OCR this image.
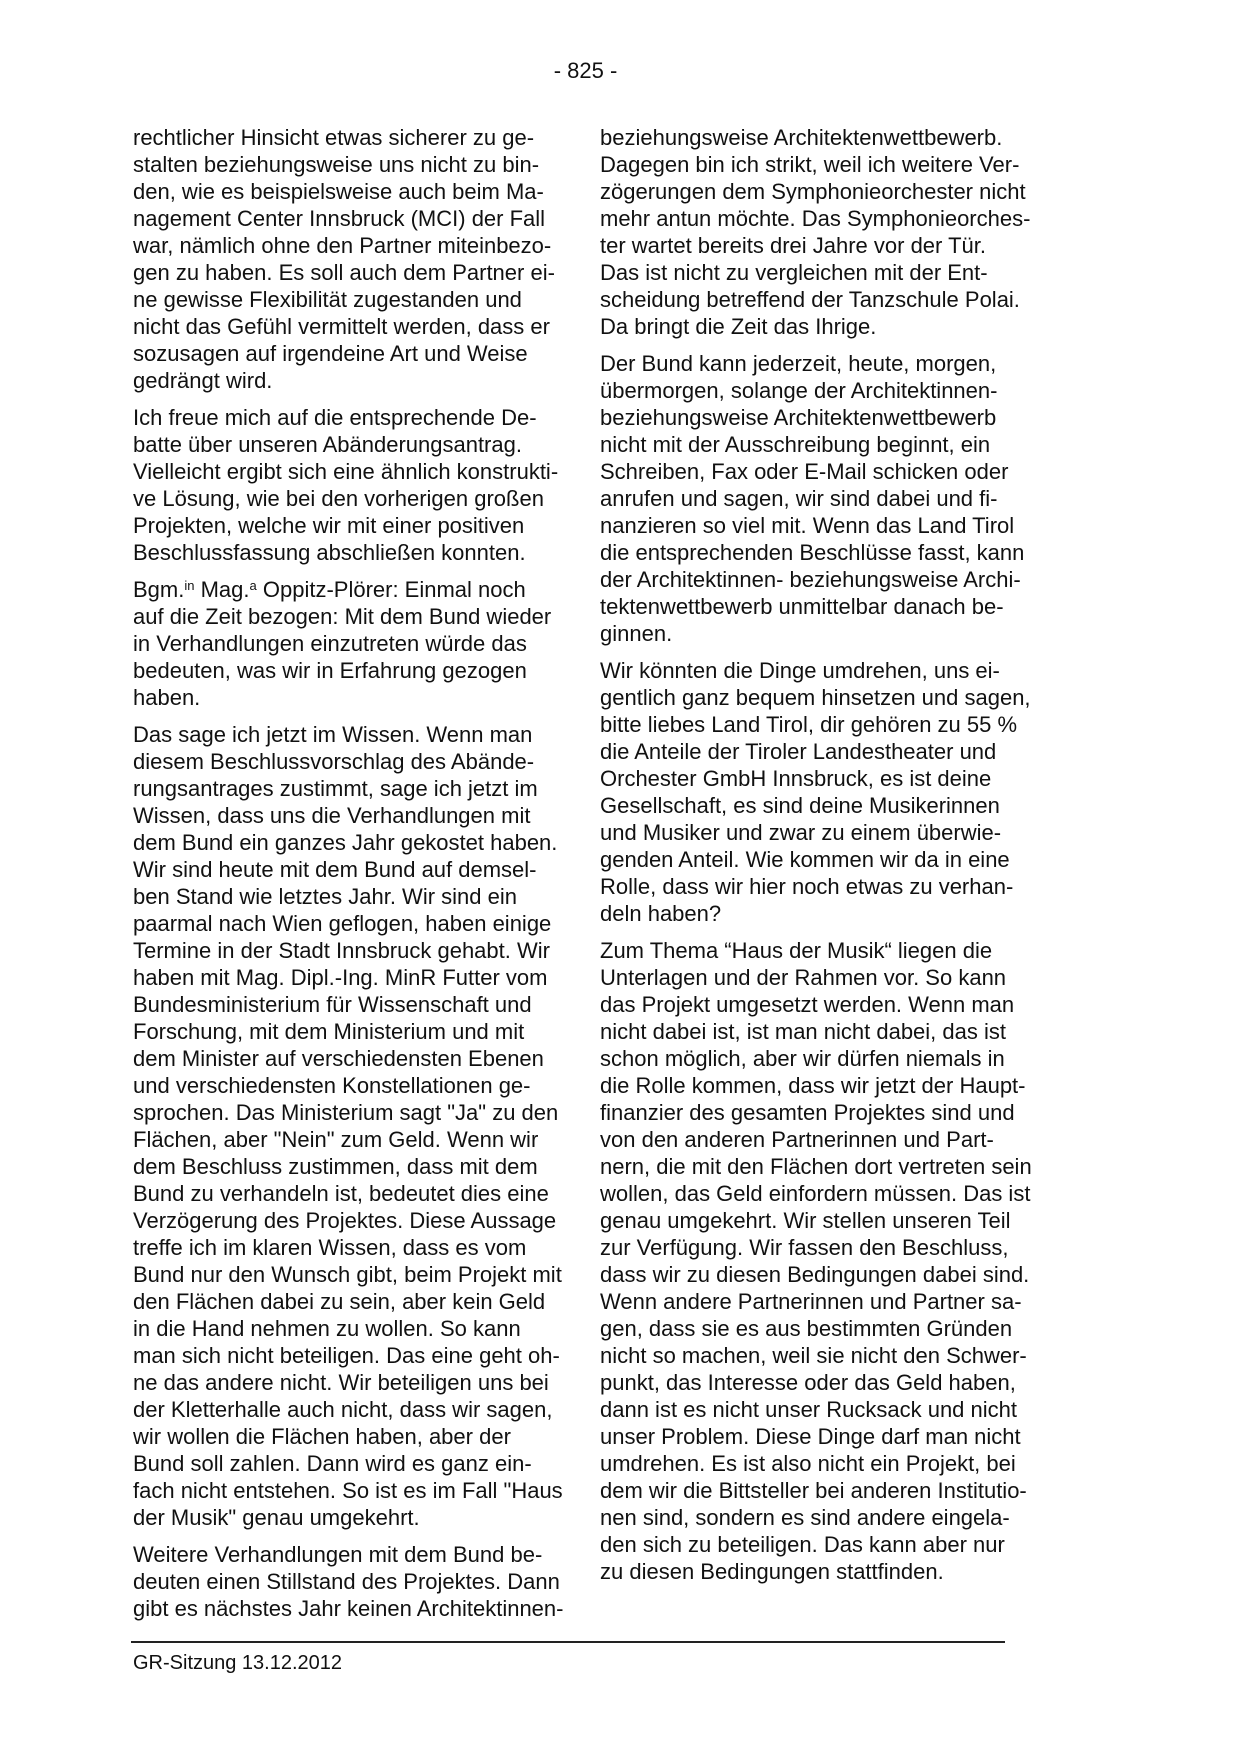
- 825 -

rechtlicher Hinsicht etwas sicherer zu ge-
stalten beziehungsweise uns nicht zu bin-
den, wie es beispielsweise auch beim Ma-
nagement Center Innsbruck (MCI) der Fall
war, nämlich ohne den Partner miteinbezo-
gen zu haben. Es soll auch dem Partner ei-
ne gewisse Flexibilität zugestanden und
nicht das Gefühl vermittelt werden, dass er
sozusagen auf irgendeine Art und Weise
gedrängt wird.

Ich freue mich auf die entsprechende De-
batte über unseren Abänderungsantrag.
Vielleicht ergibt sich eine ähnlich konstrukti-
ve Lösung, wie bei den vorherigen großen
Projekten, welche wir mit einer positiven
Beschlussfassung abschließen konnten.

Bgm.$^{in}$ Mag.$^a$ Oppitz-Plörer: Einmal noch
auf die Zeit bezogen: Mit dem Bund wieder
in Verhandlungen einzutreten würde das
bedeuten, was wir in Erfahrung gezogen
haben.

Das sage ich jetzt im Wissen. Wenn man
diesem Beschlussvorschlag des Abände-
rungsantrages zustimmt, sage ich jetzt im
Wissen, dass uns die Verhandlungen mit
dem Bund ein ganzes Jahr gekostet haben.
Wir sind heute mit dem Bund auf demsel-
ben Stand wie letztes Jahr. Wir sind ein
paarmal nach Wien geflogen, haben einige
Termine in der Stadt Innsbruck gehabt. Wir
haben mit Mag. Dipl.-Ing. MinR Futter vom
Bundesministerium für Wissenschaft und
Forschung, mit dem Ministerium und mit
dem Minister auf verschiedensten Ebenen
und verschiedensten Konstellationen ge-
sprochen. Das Ministerium sagt "Ja" zu den
Flächen, aber "Nein" zum Geld. Wenn wir
dem Beschluss zustimmen, dass mit dem
Bund zu verhandeln ist, bedeutet dies eine
Verzögerung des Projektes. Diese Aussage
treffe ich im klaren Wissen, dass es vom
Bund nur den Wunsch gibt, beim Projekt mit
den Flächen dabei zu sein, aber kein Geld
in die Hand nehmen zu wollen. So kann
man sich nicht beteiligen. Das eine geht oh-
ne das andere nicht. Wir beteiligen uns bei
der Kletterhalle auch nicht, dass wir sagen,
wir wollen die Flächen haben, aber der
Bund soll zahlen. Dann wird es ganz ein-
fach nicht entstehen. So ist es im Fall "Haus
der Musik" genau umgekehrt.

Weitere Verhandlungen mit dem Bund be-
deuten einen Stillstand des Projektes. Dann
gibt es nächstes Jahr keinen Architektinnen-

beziehungsweise Architektenwettbewerb.
Dagegen bin ich strikt, weil ich weitere Ver-
zögerungen dem Symphonieorchester nicht
mehr antun möchte. Das Symphonieorches-
ter wartet bereits drei Jahre vor der Tür.
Das ist nicht zu vergleichen mit der Ent-
scheidung betreffend der Tanzschule Polai.
Da bringt die Zeit das Ihrige.

Der Bund kann jederzeit, heute, morgen,
übermorgen, solange der Architektinnen-
beziehungsweise Architektenwettbewerb
nicht mit der Ausschreibung beginnt, ein
Schreiben, Fax oder E-Mail schicken oder
anrufen und sagen, wir sind dabei und fi-
nanzieren so viel mit. Wenn das Land Tirol
die entsprechenden Beschlüsse fasst, kann
der Architektinnen- beziehungsweise Archi-
tektenwettbewerb unmittelbar danach be-
ginnen.

Wir könnten die Dinge umdrehen, uns ei-
gentlich ganz bequem hinsetzen und sagen,
bitte liebes Land Tirol, dir gehören zu 55 %
die Anteile der Tiroler Landestheater und
Orchester GmbH Innsbruck, es ist deine
Gesellschaft, es sind deine Musikerinnen
und Musiker und zwar zu einem überwie-
genden Anteil. Wie kommen wir da in eine
Rolle, dass wir hier noch etwas zu verhan-
deln haben?

Zum Thema “Haus der Musik“ liegen die
Unterlagen und der Rahmen vor. So kann
das Projekt umgesetzt werden. Wenn man
nicht dabei ist, ist man nicht dabei, das ist
schon möglich, aber wir dürfen niemals in
die Rolle kommen, dass wir jetzt der Haupt-
finanzier des gesamten Projektes sind und
von den anderen Partnerinnen und Part-
nern, die mit den Flächen dort vertreten sein
wollen, das Geld einfordern müssen. Das ist
genau umgekehrt. Wir stellen unseren Teil
zur Verfügung. Wir fassen den Beschluss,
dass wir zu diesen Bedingungen dabei sind.
Wenn andere Partnerinnen und Partner sa-
gen, dass sie es aus bestimmten Gründen
nicht so machen, weil sie nicht den Schwer-
punkt, das Interesse oder das Geld haben,
dann ist es nicht unser Rucksack und nicht
unser Problem. Diese Dinge darf man nicht
umdrehen. Es ist also nicht ein Projekt, bei
dem wir die Bittsteller bei anderen Institutio-
nen sind, sondern es sind andere eingela-
den sich zu beteiligen. Das kann aber nur
zu diesen Bedingungen stattfinden.

GR-Sitzung 13.12.2012
